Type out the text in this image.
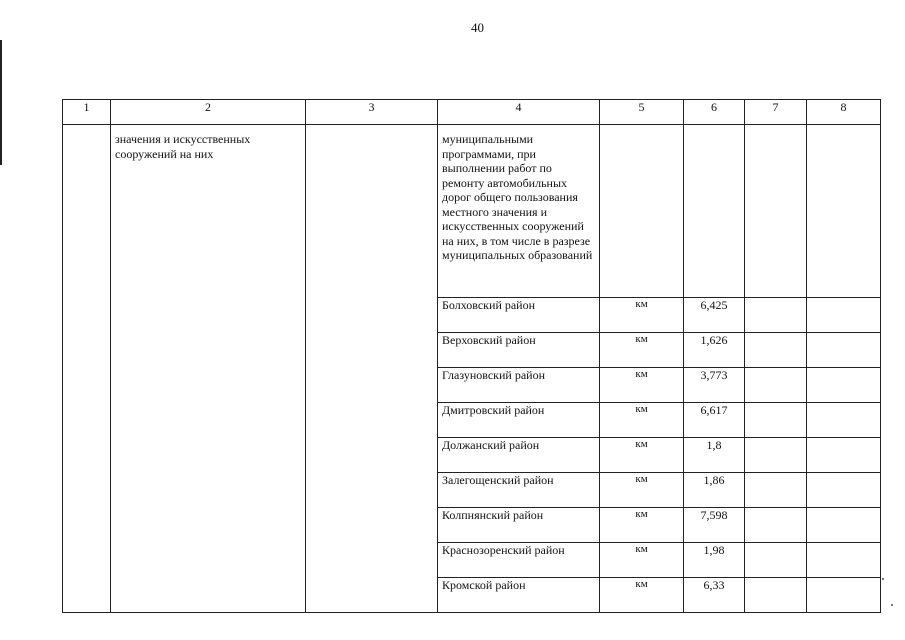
40
1	2	3	4	5	6	7	8
	значения и искусственных сооружений на них		муниципальными программами, при выполнении работ по ремонту автомобильных дорог общего пользования местного значения и искусственных сооружений на них, в том числе в разрезе муниципальных образований				
			Болховский район	км	6,425		
			Верховский район	км	1,626		
			Глазуновский район	км	3,773		
			Дмитровский район	км	6,617		
			Должанский район	км	1,8		
			Залегощенский район	км	1,86		
			Колпнянский район	км	7,598		
			Краснозоренский район	км	1,98		
			Кромской район	км	6,33		
